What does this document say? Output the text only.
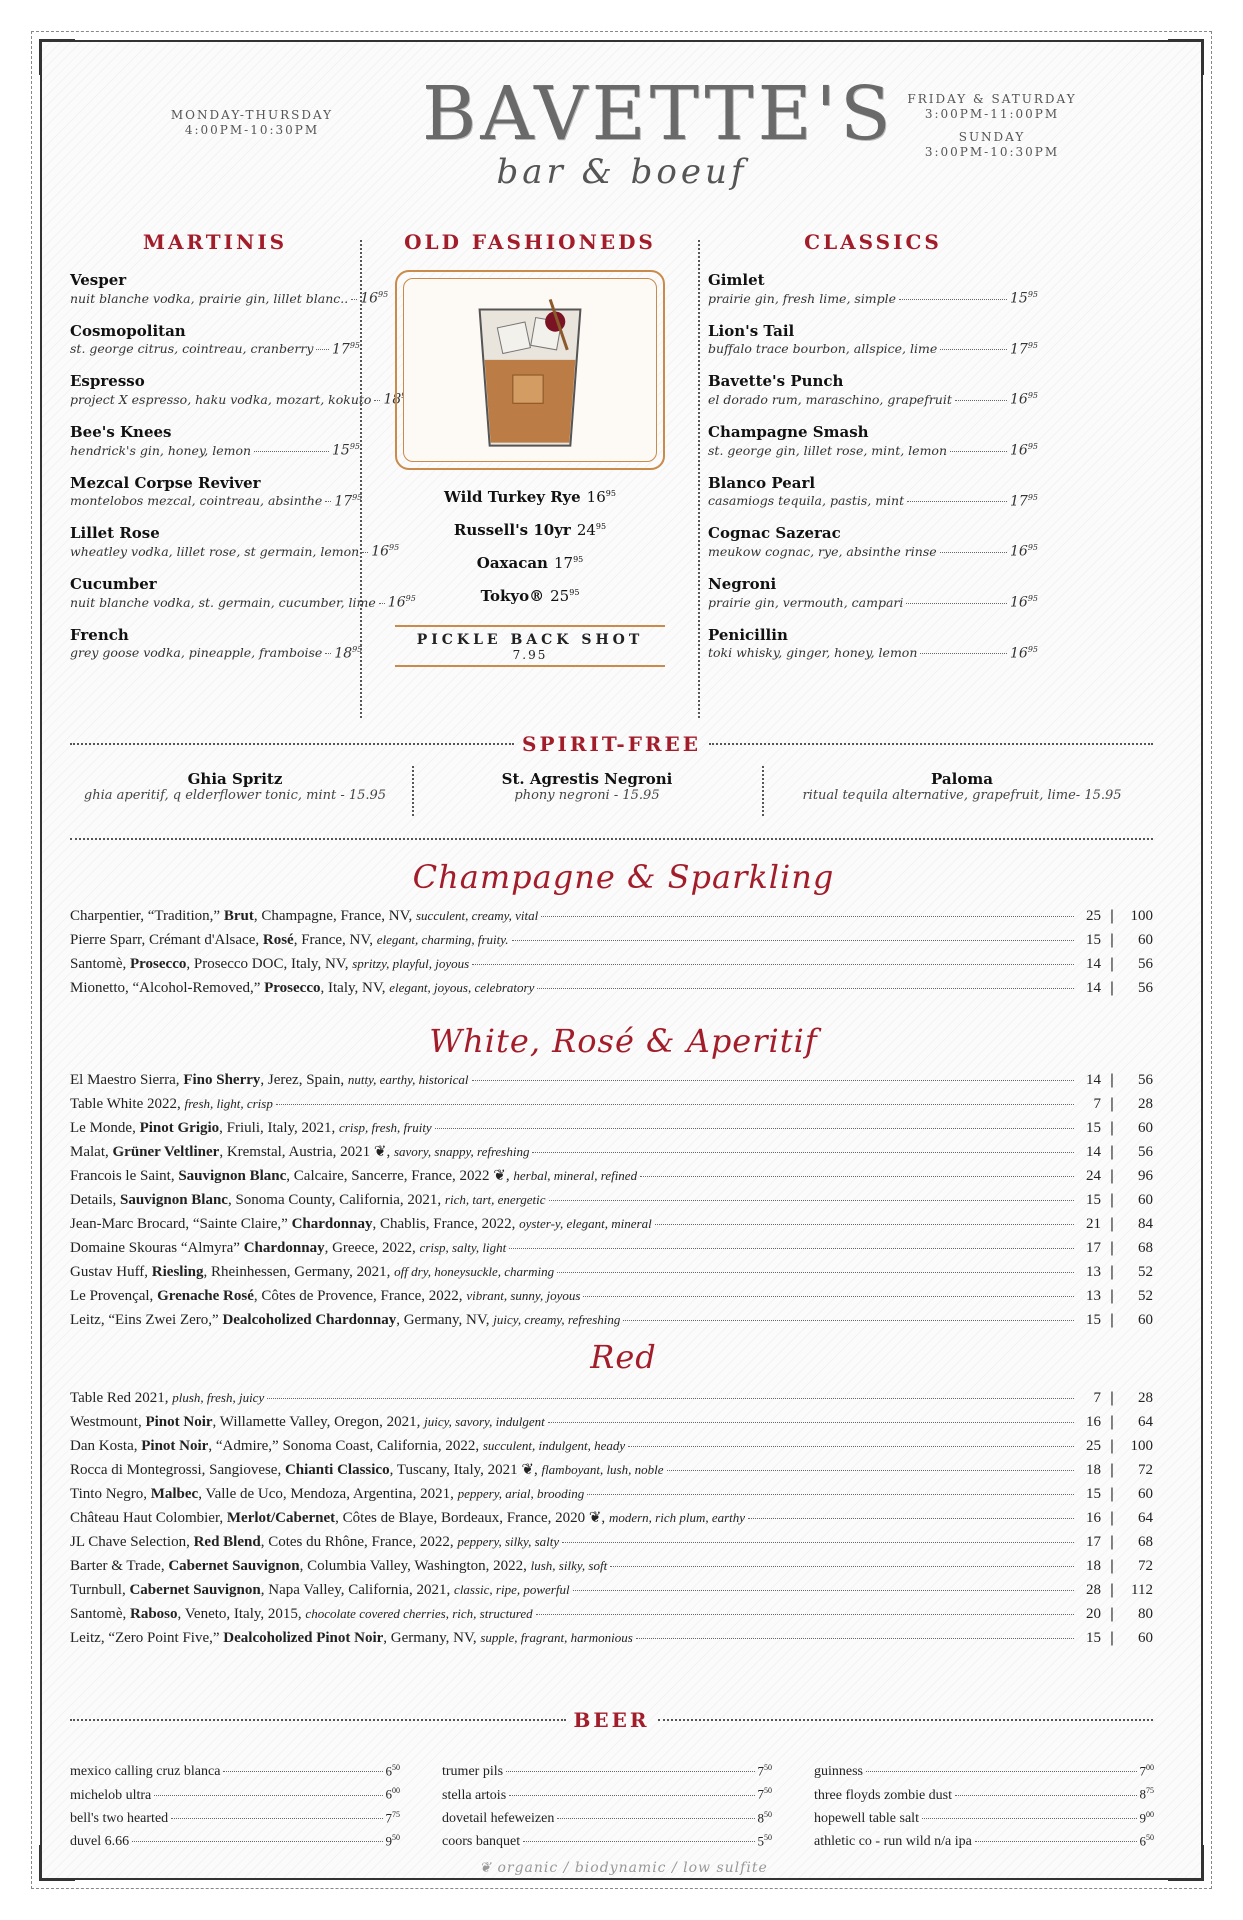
MONDAY-THURSDAY
4:00PM-10:30PM	BAVETTE'S
bar & boeuf
FRIDAY & SATURDAY
3:00PM-11:00PM
SUNDAY
3:00PM-10:30PM
MARTINIS
Vesper
nuit blanche vodka, prairie gin, lillet blanc.. $16^{95}$
Cosmopolitan
st. george citrus, cointreau, cranberry $17^{95}$
Espresso
project X espresso, haku vodka, mozart, kokuto 18
Bee's Knees
hendrick's gin, honey, lemon	$15^{95}$
Mezcal Corpse Reviver
montelobos mezcal, cointreau, absinthe $17^{95}$
Lillet Rose
wheatley vodka, lillet rose, st germain, lemon $16^{95}$
Cucumber
nuit blanche vodka, st. germain, cucumber, lime $16^{95}$
French
grey goose vodka, pineapple, framboise $18^{95}$
OLD FASHIONEDS
Wild Turkey Rye $16^{95}$
Russell's 10yr $24^{95}$
Oaxacan $17^{95}$
Tokyo® $25^{95}$
PICKLE BACK SHOT
7.95
CLASSICS
Gimlet
prairie gin, fresh lime, simple	$15^{95}$
Lion's Tail
buffalo trace bourbon, allspice, lime	$17^{95}$
Bavette's Punch
el dorado rum, maraschino, grapefruit	$16^{95}$
Champagne Smash
st. george gin, lillet rose, mint, lemon	$16^{95}$
Blanco Pearl
casamiogs tequila, pastis, mint	$17^{95}$
Cognac Sazerac
meukow cognac, rye, absinthe rinse	$16^{95}$
Negroni
prairie gin, vermouth, campari	$16^{95}$
Penicillin
toki whisky, ginger, honey, lemon	$16^{95}$
SPIRIT-FREE
Ghia Spritz
ghia aperitif, q elderflower tonic, mint - 15.95
St. Agrestis Negroni
phony negroni - 15.95
Paloma
ritual tequila alternative, grapefruit, lime- 15.95
Champagne & Sparkling
Charpentier, “Tradition,” Brut, Champagne, France, NV, succulent, creamy, vital	25 |	100
Pierre Sparr, Crémant d'Alsace, Rosé, France, NV, elegant, charming, fruity.	15 |	60
Santomè, Prosecco, Prosecco DOC, Italy, NV, spritzy, playful, joyous	14 |	56
Mionetto, “Alcohol-Removed,” Prosecco, Italy, NV, elegant, joyous, celebratory	14 |	56
White, Rosé & Aperitif
El Maestro Sierra, Fino Sherry, Jerez, Spain, nutty, earthy, historical	14 |	56
Table White 2022, fresh, light, crisp	7 |	28
Le Monde, Pinot Grigio, Friuli, Italy, 2021, crisp, fresh, fruity	15 |	60
Malat, Grüner Veltliner, Kremstal, Austria, 2021 ❦, savory, snappy, refreshing	14 |	56
Francois le Saint, Sauvignon Blanc, Calcaire, Sancerre, France, 2022 ❦, herbal, mineral, refined	24 |	96
Details, Sauvignon Blanc, Sonoma County, California, 2021, rich, tart, energetic	15 |	60
Jean-Marc Brocard, “Sainte Claire,” Chardonnay, Chablis, France, 2022, oyster-y, elegant, mineral	21 |	84
Domaine Skouras “Almyra” Chardonnay, Greece, 2022, crisp, salty, light	17 |	68
Gustav Huff, Riesling, Rheinhessen, Germany, 2021, off dry, honeysuckle, charming	13 |	52
Le Provençal, Grenache Rosé, Côtes de Provence, France, 2022, vibrant, sunny, joyous	13 |	52
Leitz, “Eins Zwei Zero,” Dealcoholized Chardonnay, Germany, NV, juicy, creamy, refreshing	15 |	60
Red
Table Red 2021, plush, fresh, juicy	7 |	28
Westmount, Pinot Noir, Willamette Valley, Oregon, 2021, juicy, savory, indulgent	16 |	64
Dan Kosta, Pinot Noir, “Admire,” Sonoma Coast, California, 2022, succulent, indulgent, heady	25 |	100
Rocca di Montegrossi, Sangiovese, Chianti Classico, Tuscany, Italy, 2021 ❦, flamboyant, lush, noble	18 |	72
Tinto Negro, Malbec, Valle de Uco, Mendoza, Argentina, 2021, peppery, arial, brooding	15 |	60
Château Haut Colombier, Merlot/Cabernet, Côtes de Blaye, Bordeaux, France, 2020 ❦, modern, rich plum, earthy	16 |	64
JL Chave Selection, Red Blend, Cotes du Rhône, France, 2022, peppery, silky, salty	17 |	68
Barter & Trade, Cabernet Sauvignon, Columbia Valley, Washington, 2022, lush, silky, soft	18 |	72
Turnbull, Cabernet Sauvignon, Napa Valley, California, 2021, classic, ripe, powerful	28 |	112
Santomè, Raboso, Veneto, Italy, 2015, chocolate covered cherries, rich, structured	20 |	80
Leitz, “Zero Point Five,” Dealcoholized Pinot Noir, Germany, NV, supple, fragrant, harmonious	15 |	60
BEER
mexico calling cruz blanca	$6^{50}$
michelob ultra	$6^{00}$
bell's two hearted	$7^{75}$
duvel 6.66	$9^{50}$
trumer pils	$7^{50}$
stella artois	$7^{50}$
dovetail hefeweizen	$8^{50}$
coors banquet	$5^{50}$
guinness	$7^{00}$
three floyds zombie dust	$8^{75}$
hopewell table salt	$9^{00}$
athletic co - run wild n/a ipa	$6^{50}$
❦ organic / biodynamic / low sulfite
